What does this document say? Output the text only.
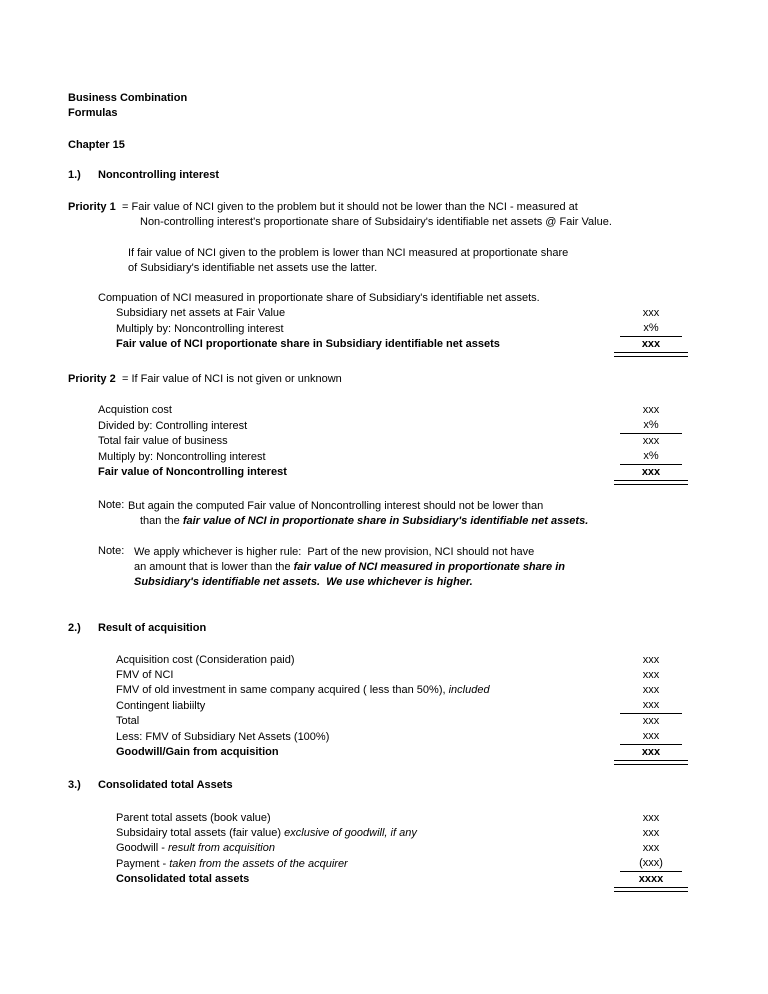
Business Combination
Formulas
Chapter 15
1.) Noncontrolling interest
Priority 1 = Fair value of NCI given to the problem but it should not be lower than the NCI - measured at
Non-controlling interest's proportionate share of Subsidairy's identifiable net assets @ Fair Value.
If fair value of NCI given to the problem is lower than NCI measured at proportionate share
of Subsidiary's identifiable net assets use the latter.
Compuation of NCI measured in proportionate share of Subsidiary's identifiable net assets.
Subsidiary net assets at Fair Value	xxx
Multiply by: Noncontrolling interest	x%
Fair value of NCI proportionate share in Subsidiary identifiable net assets	xxx
Priority 2 = If Fair value of NCI is not given or unknown
Acquistion cost	xxx
Divided by: Controlling interest	x%
Total fair value of business	xxx
Multiply by: Noncontrolling interest	x%
Fair value of Noncontrolling interest	xxx
Note: But again the computed Fair value of Noncontrolling interest should not be lower than
than the fair value of NCI in proportionate share in Subsidiary's identifiable net assets.
Note: We apply whichever is higher rule:  Part of the new provision, NCI should not have
an amount that is lower than the fair value of NCI measured in proportionate share in
Subsidiary's identifiable net assets.  We use whichever is higher.
2.) Result of acquisition
Acquisition cost (Consideration paid)	xxx
FMV of NCI	xxx
FMV of old investment in same company acquired ( less than 50%), included	xxx
Contingent liabiilty	xxx
Total	xxx
Less: FMV of Subsidiary Net Assets (100%)	xxx
Goodwill/Gain from acquisition	xxx
3.) Consolidated total Assets
Parent total assets (book value)	xxx
Subsidairy total assets (fair value) exclusive of goodwill, if any	xxx
Goodwill - result from acquisition	xxx
Payment - taken from the assets of the acquirer	(xxx)
Consolidated total assets	xxxx
